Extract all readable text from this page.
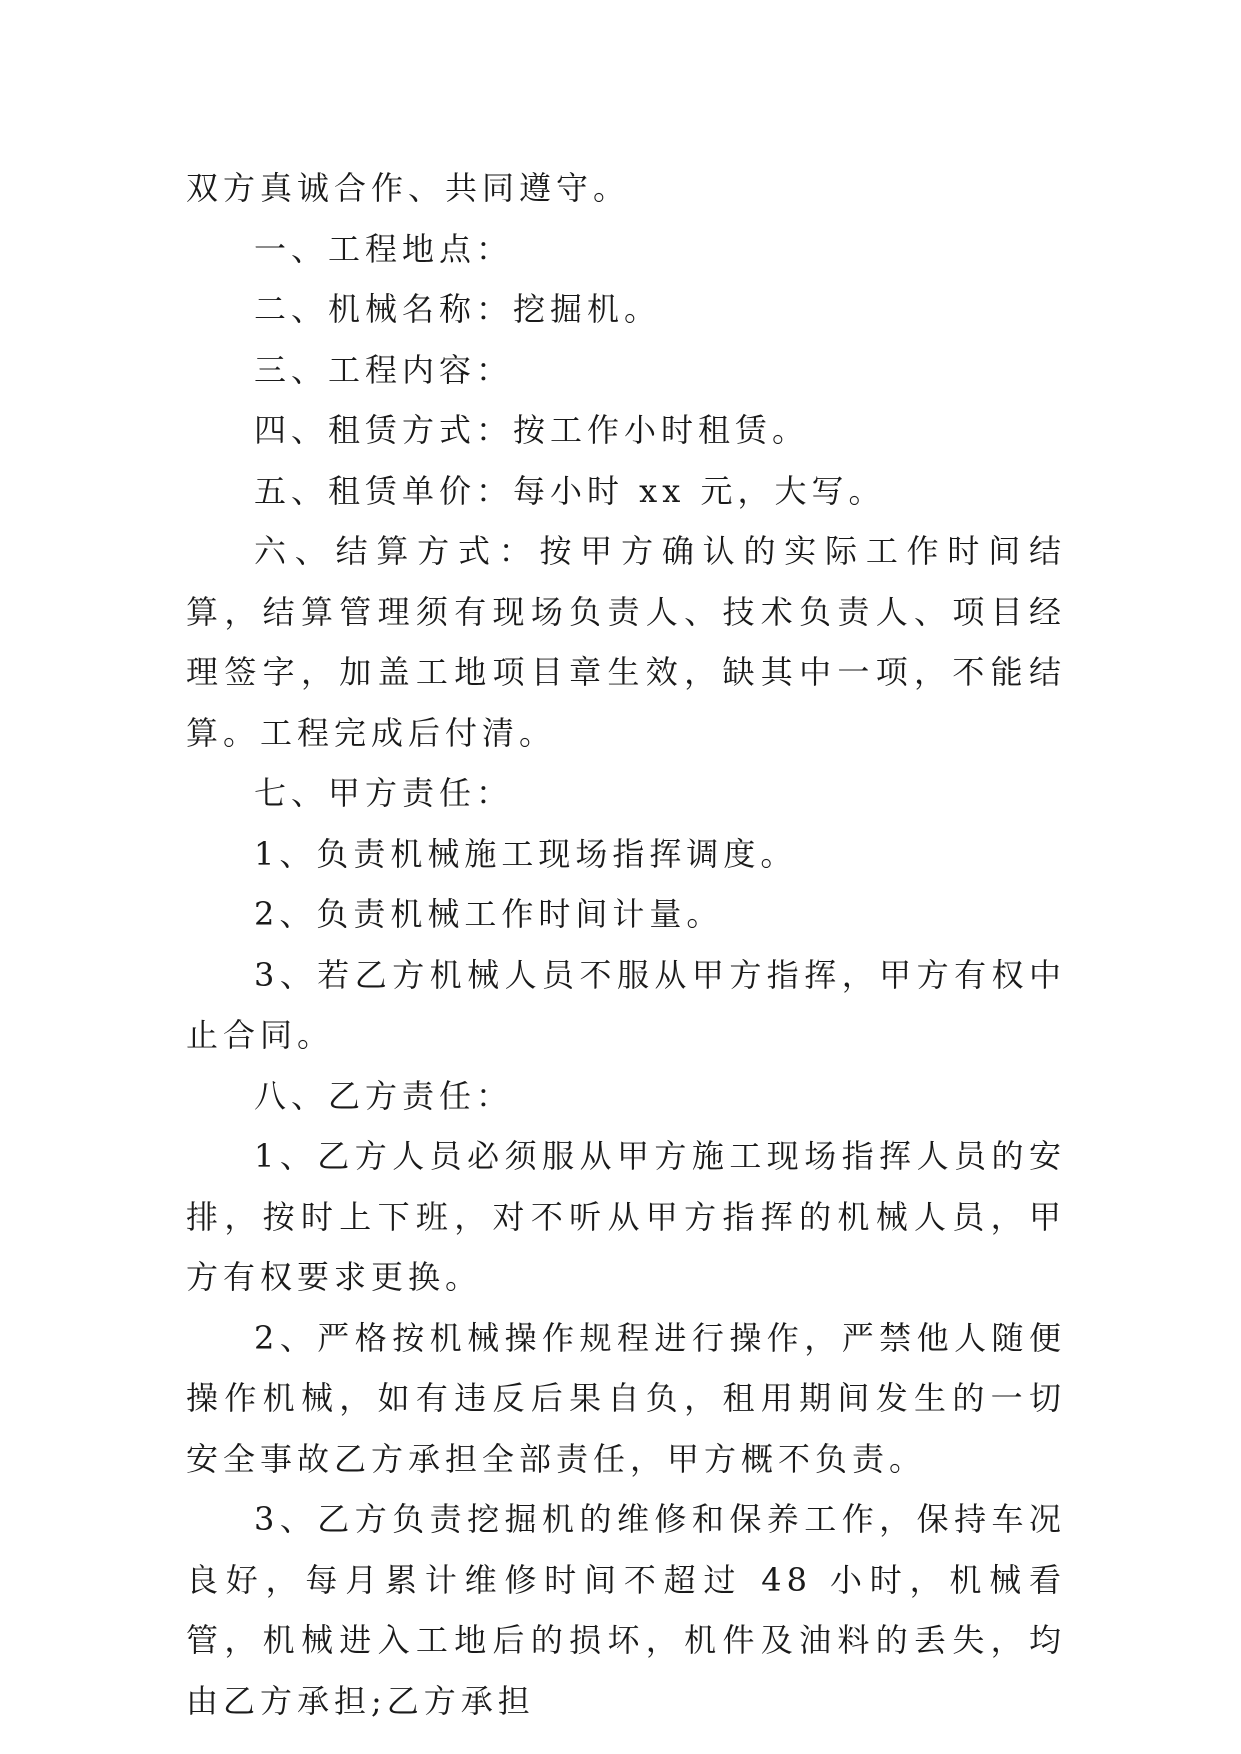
双方真诚合作、共同遵守。

一、工程地点：

二、机械名称：挖掘机。

三、工程内容：

四、租赁方式：按工作小时租赁。

五、租赁单价：每小时 xx 元，大写。

六、结算方式：按甲方确认的实际工作时间结算，结算管理须有现场负责人、技术负责人、项目经理签字，加盖工地项目章生效，缺其中一项，不能结算。工程完成后付清。

七、甲方责任：

1、负责机械施工现场指挥调度。

2、负责机械工作时间计量。

3、若乙方机械人员不服从甲方指挥，甲方有权中止合同。

八、乙方责任：

1、乙方人员必须服从甲方施工现场指挥人员的安排，按时上下班，对不听从甲方指挥的机械人员，甲方有权要求更换。

2、严格按机械操作规程进行操作，严禁他人随便操作机械，如有违反后果自负，租用期间发生的一切安全事故乙方承担全部责任，甲方概不负责。

3、乙方负责挖掘机的维修和保养工作，保持车况良好，每月累计维修时间不超过 48 小时，机械看管，机械进入工地后的损坏，机件及油料的丢失，均由乙方承担;乙方承担
